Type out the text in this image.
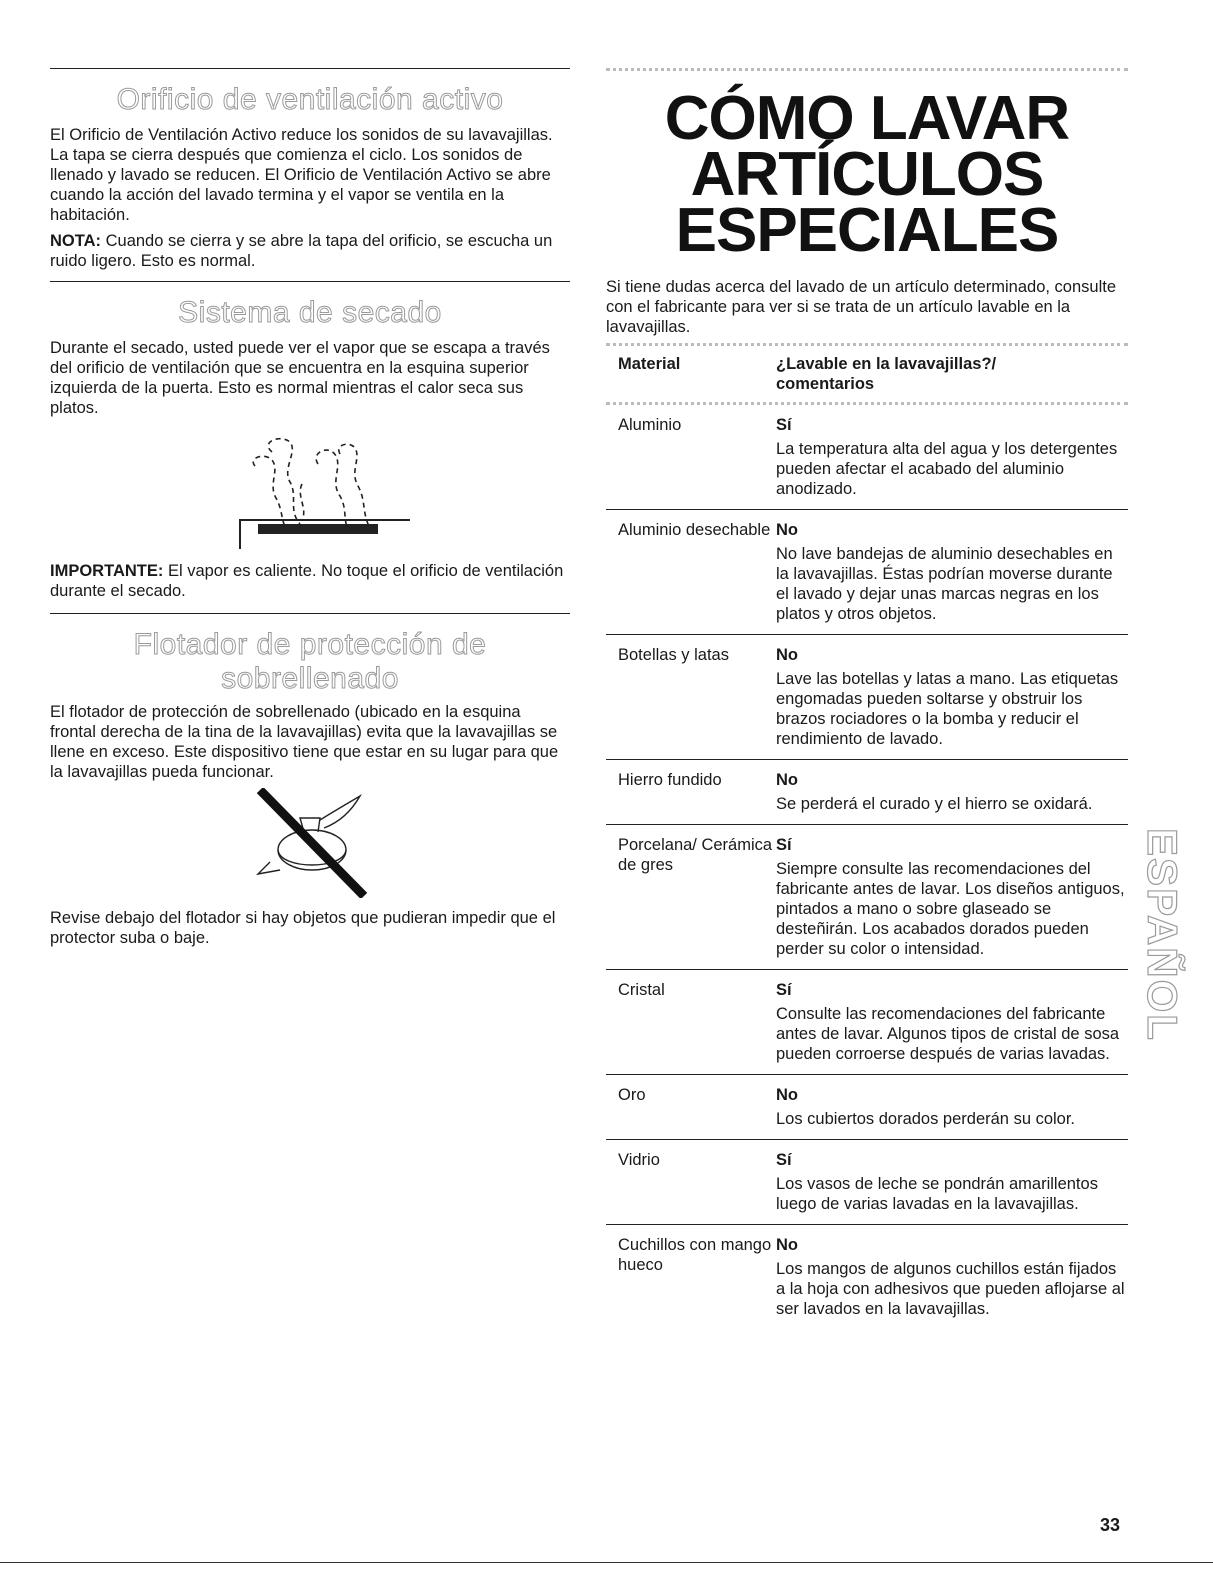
Orificio de ventilación activo

El Orificio de Ventilación Activo reduce los sonidos de su lavavajillas. La tapa se cierra después que comienza el ciclo. Los sonidos de llenado y lavado se reducen. El Orificio de Ventilación Activo se abre cuando la acción del lavado termina y el vapor se ventila en la habitación.

NOTA: Cuando se cierra y se abre la tapa del orificio, se escucha un ruido ligero. Esto es normal.

Sistema de secado

Durante el secado, usted puede ver el vapor que se escapa a través del orificio de ventilación que se encuentra en la esquina superior izquierda de la puerta. Esto es normal mientras el calor seca sus platos.

IMPORTANTE: El vapor es caliente. No toque el orificio de ventilación durante el secado.

Flotador de protección de
sobrellenado

El flotador de protección de sobrellenado (ubicado en la esquina frontal derecha de la tina de la lavavajillas) evita que la lavavajillas se llene en exceso. Este dispositivo tiene que estar en su lugar para que la lavavajillas pueda funcionar.

Revise debajo del flotador si hay objetos que pudieran impedir que el protector suba o baje.

CÓMO LAVAR
ARTÍCULOS
ESPECIALES

Si tiene dudas acerca del lavado de un artículo determinado, consulte con el fabricante para ver si se trata de un artículo lavable en la lavavajillas.

Material	¿Lavable en la lavavajillas?/ comentarios

Aluminio	Sí
La temperatura alta del agua y los detergentes pueden afectar el acabado del aluminio anodizado.

Aluminio desechable	No
No lave bandejas de aluminio desechables en la lavavajillas. Éstas podrían moverse durante el lavado y dejar unas marcas negras en los platos y otros objetos.

Botellas y latas	No
Lave las botellas y latas a mano. Las etiquetas engomadas pueden soltarse y obstruir los brazos rociadores o la bomba y reducir el rendimiento de lavado.

Hierro fundido	No
Se perderá el curado y el hierro se oxidará.

Porcelana/ Cerámica de gres	Sí
Siempre consulte las recomendaciones del fabricante antes de lavar. Los diseños antiguos, pintados a mano o sobre glaseado se desteñirán. Los acabados dorados pueden perder su color o intensidad.

Cristal	Sí
Consulte las recomendaciones del fabricante antes de lavar. Algunos tipos de cristal de sosa pueden corroerse después de varias lavadas.

Oro	No
Los cubiertos dorados perderán su color.

Vidrio	Sí
Los vasos de leche se pondrán amarillentos luego de varias lavadas en la lavavajillas.

Cuchillos con mango hueco	No
Los mangos de algunos cuchillos están fijados a la hoja con adhesivos que pueden aflojarse al ser lavados en la lavavajillas.
ESPAÑOL
33
